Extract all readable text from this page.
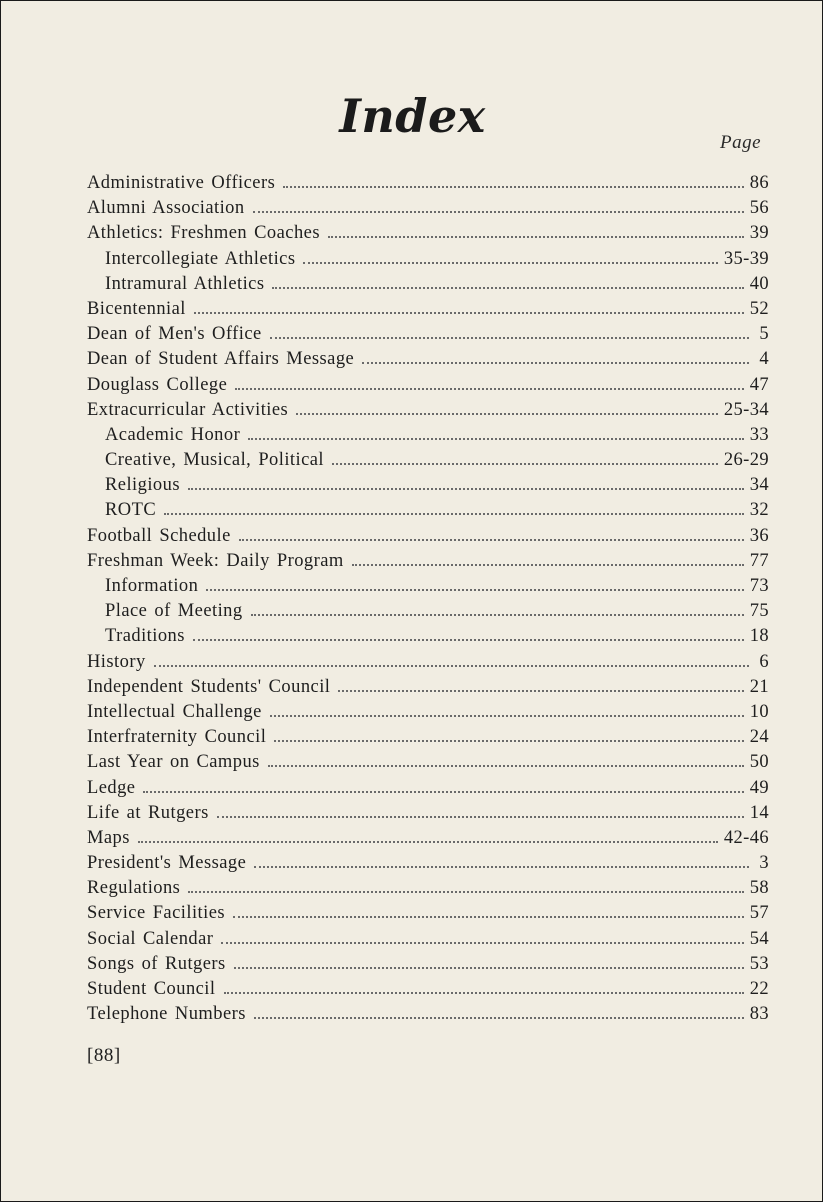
Index	Page
Administrative Officers	86
Alumni Association	56
Athletics: Freshmen Coaches	39
Intercollegiate Athletics	35-39
Intramural Athletics	40
Bicentennial	52
Dean of Men's Office	5
Dean of Student Affairs Message	4
Douglass College	47
Extracurricular Activities	25-34
Academic Honor	33
Creative, Musical, Political	26-29
Religious	34
ROTC	32
Football Schedule	36
Freshman Week: Daily Program	77
Information	73
Place of Meeting	75
Traditions	18
History	6
Independent Students' Council	21
Intellectual Challenge	10
Interfraternity Council	24
Last Year on Campus	50
Ledge	49
Life at Rutgers	14
Maps	42-46
President's Message	3
Regulations	58
Service Facilities	57
Social Calendar	54
Songs of Rutgers	53
Student Council	22
Telephone Numbers	83
[88]
